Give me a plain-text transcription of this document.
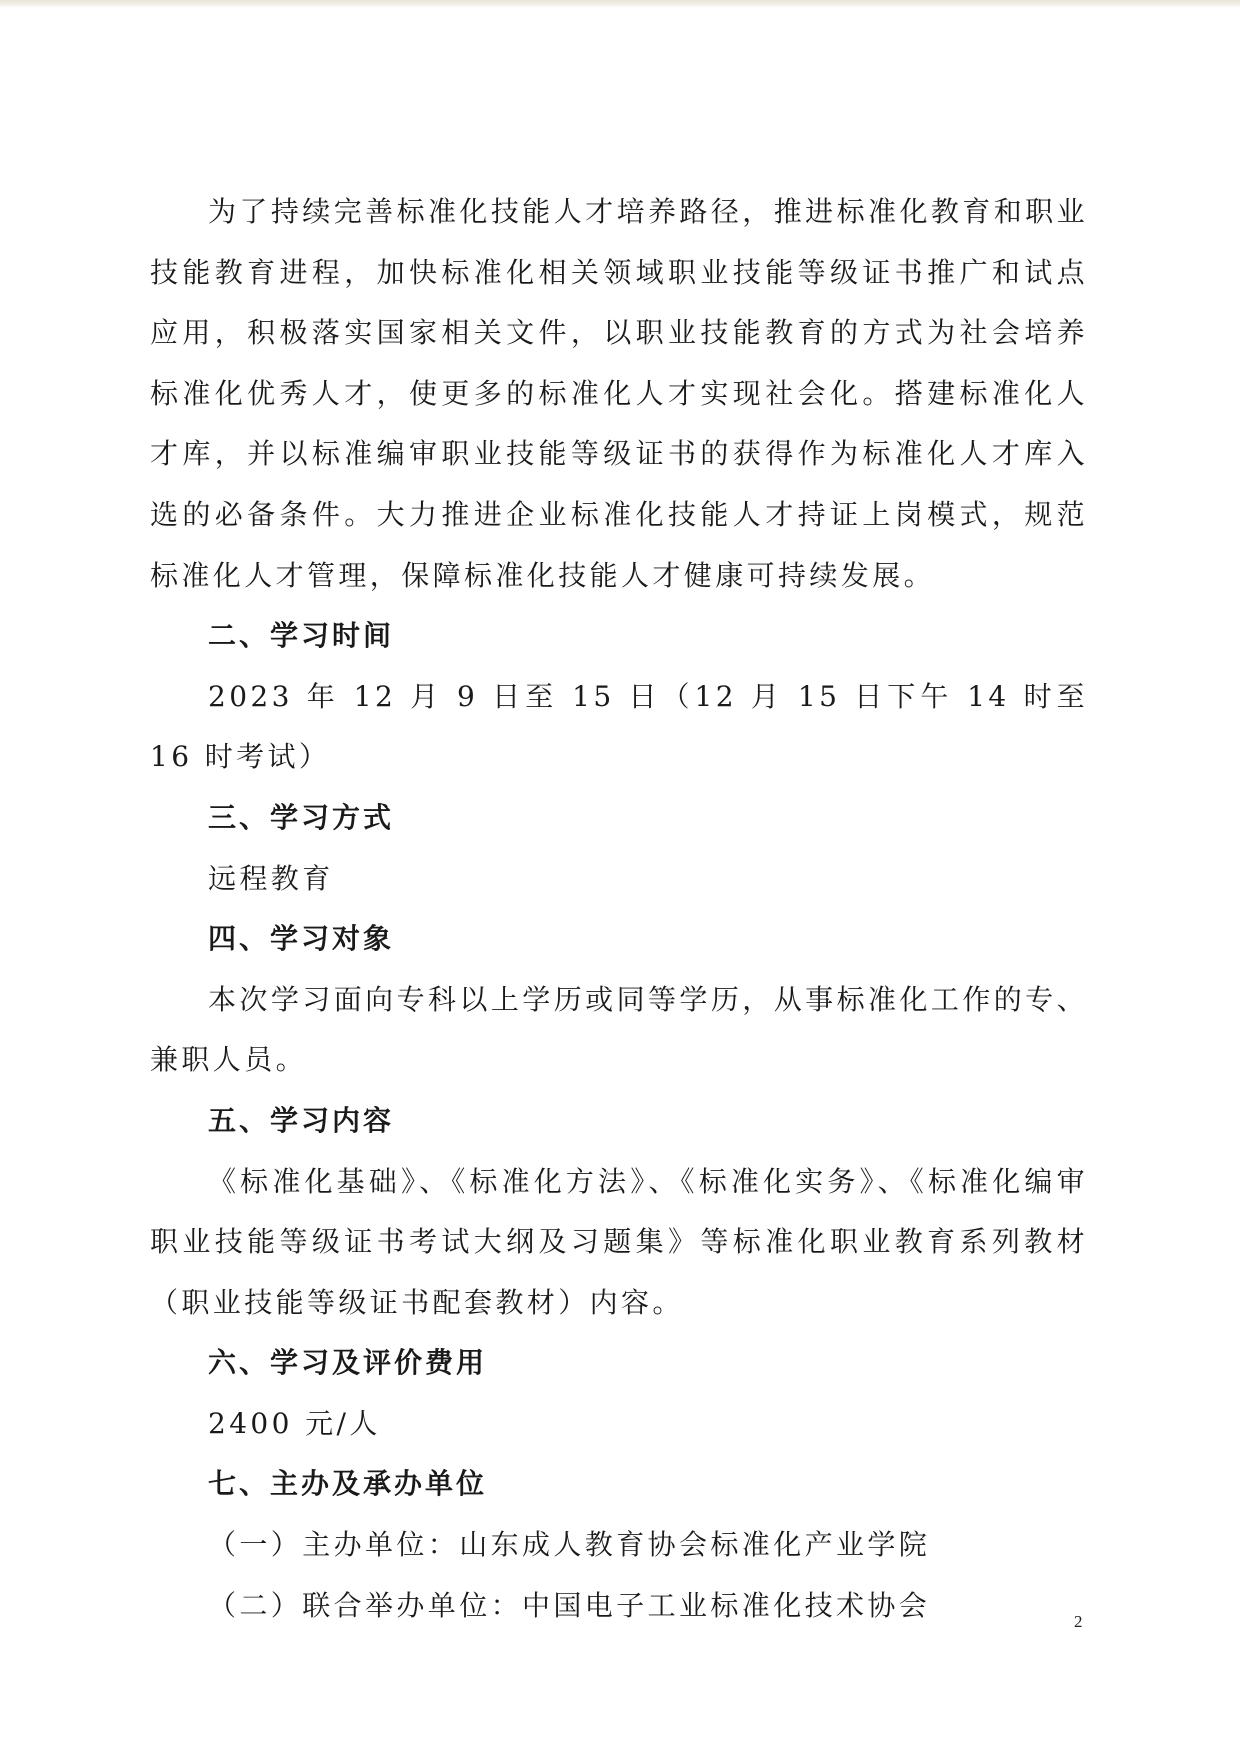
为了持续完善标准化技能人才培养路径，推进标准化教育和职业技能教育进程，加快标准化相关领域职业技能等级证书推广和试点应用，积极落实国家相关文件，以职业技能教育的方式为社会培养标准化优秀人才，使更多的标准化人才实现社会化。搭建标准化人才库，并以标准编审职业技能等级证书的获得作为标准化人才库入选的必备条件。大力推进企业标准化技能人才持证上岗模式，规范标准化人才管理，保障标准化技能人才健康可持续发展。

二、学习时间

2023 年 12 月 9 日至 15 日（12 月 15 日下午 14 时至 16 时考试）

三、学习方式

远程教育

四、学习对象

本次学习面向专科以上学历或同等学历，从事标准化工作的专、兼职人员。

五、学习内容

《标准化基础》、《标准化方法》、《标准化实务》、《标准化编审职业技能等级证书考试大纲及习题集》等标准化职业教育系列教材（职业技能等级证书配套教材）内容。

六、学习及评价费用

2400 元/人

七、主办及承办单位

（一）主办单位：山东成人教育协会标准化产业学院

（二）联合举办单位：中国电子工业标准化技术协会	2
